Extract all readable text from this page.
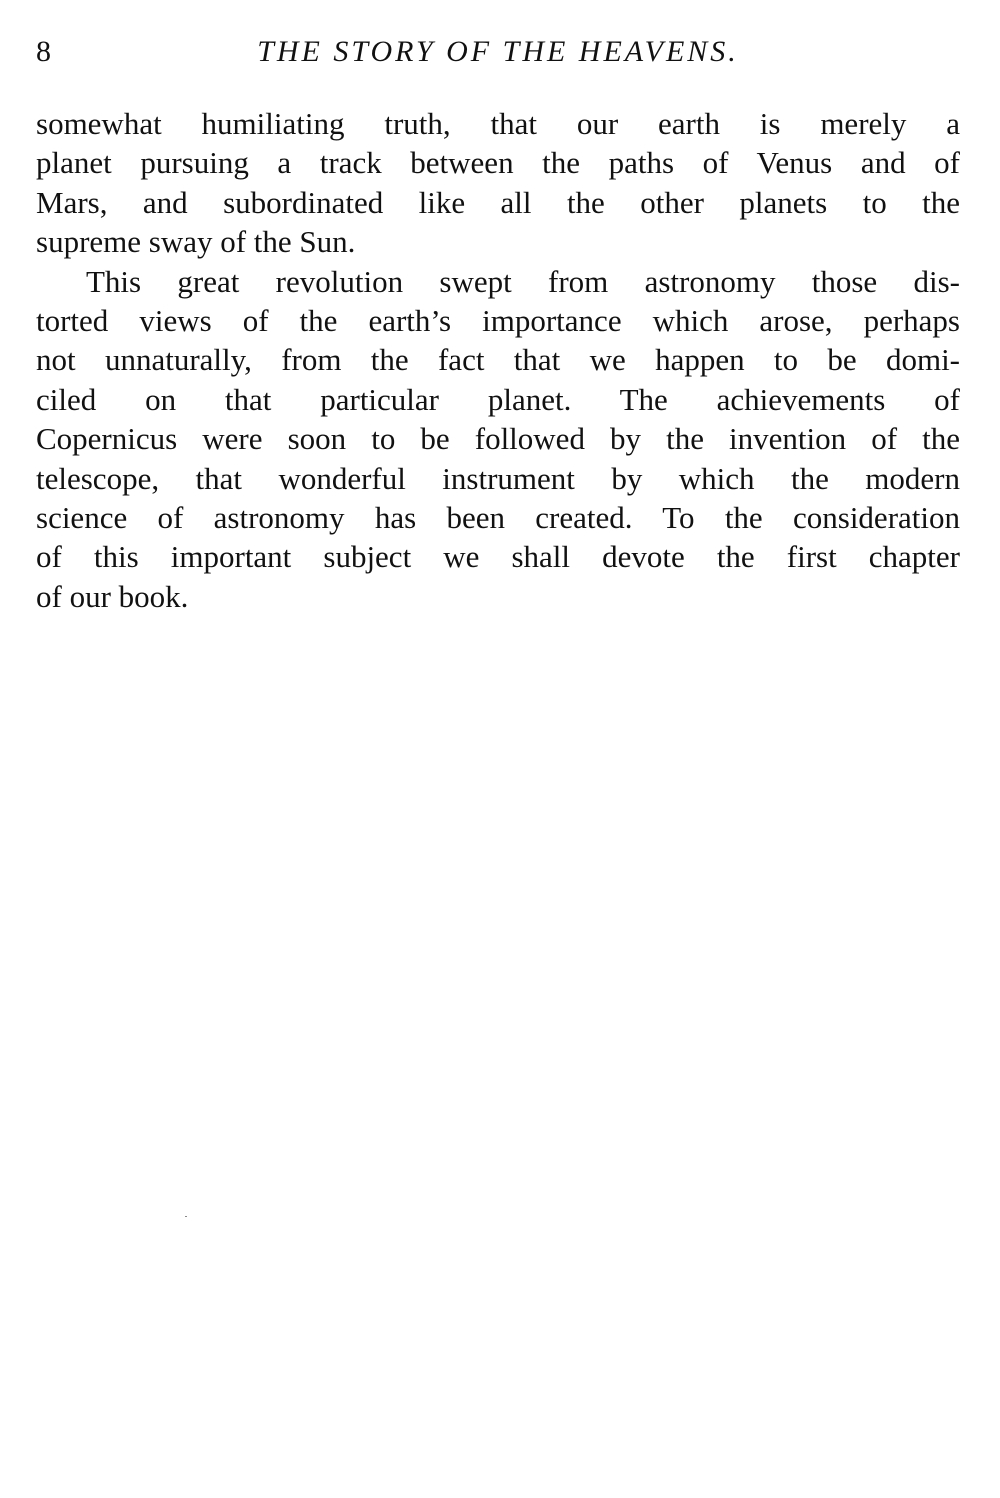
8	THE STORY OF THE HEAVENS.
somewhat humiliating truth, that our earth is merely a
planet pursuing a track between the paths of Venus and of
Mars, and subordinated like all the other planets to the
supreme sway of the Sun.
This great revolution swept from astronomy those dis-
torted views of the earth’s importance which arose, perhaps
not unnaturally, from the fact that we happen to be domi-
ciled on that particular planet. The achievements of
Copernicus were soon to be followed by the invention of the
telescope, that wonderful instrument by which the modern
science of astronomy has been created. To the consideration
of this important subject we shall devote the first chapter
of our book.
